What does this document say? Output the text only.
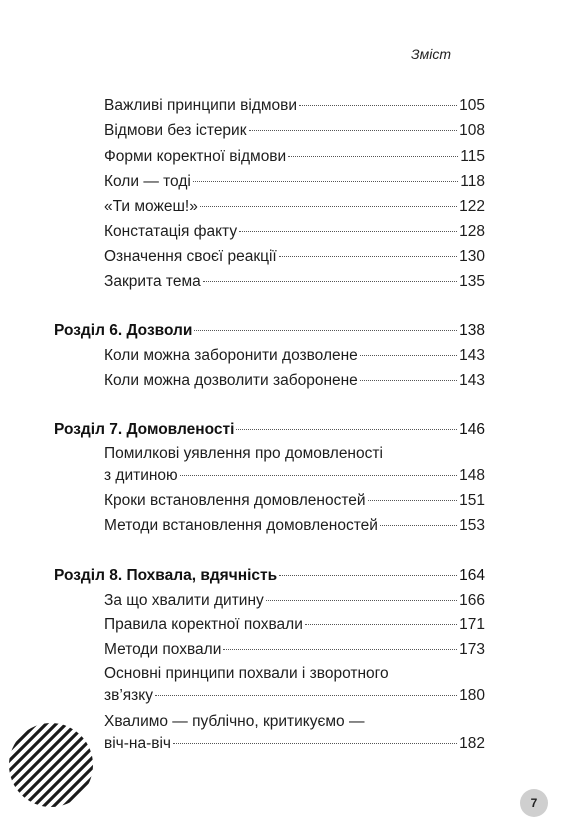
Зміст
Важливі принципи відмови	105
Відмови без істерик	108
Форми коректної відмови	115
Коли — тоді	118
«Ти можеш!»	122
Констатація факту	128
Означення своєї реакції	130
Закрита тема	135
Розділ 6. Дозволи	138
Коли можна заборонити дозволене	143
Коли можна дозволити заборонене	143
Розділ 7. Домовленості	146
Помилкові уявлення про домовленості
з дитиною	148
Кроки встановлення домовленостей	151
Методи встановлення домовленостей	153
Розділ 8. Похвала, вдячність	164
За що хвалити дитину	166
Правила коректної похвали	171
Методи похвали	173
Основні принципи похвали і зворотного
зв’язку	180
Хвалимо — публічно, критикуємо —
віч-на-віч	182
7
